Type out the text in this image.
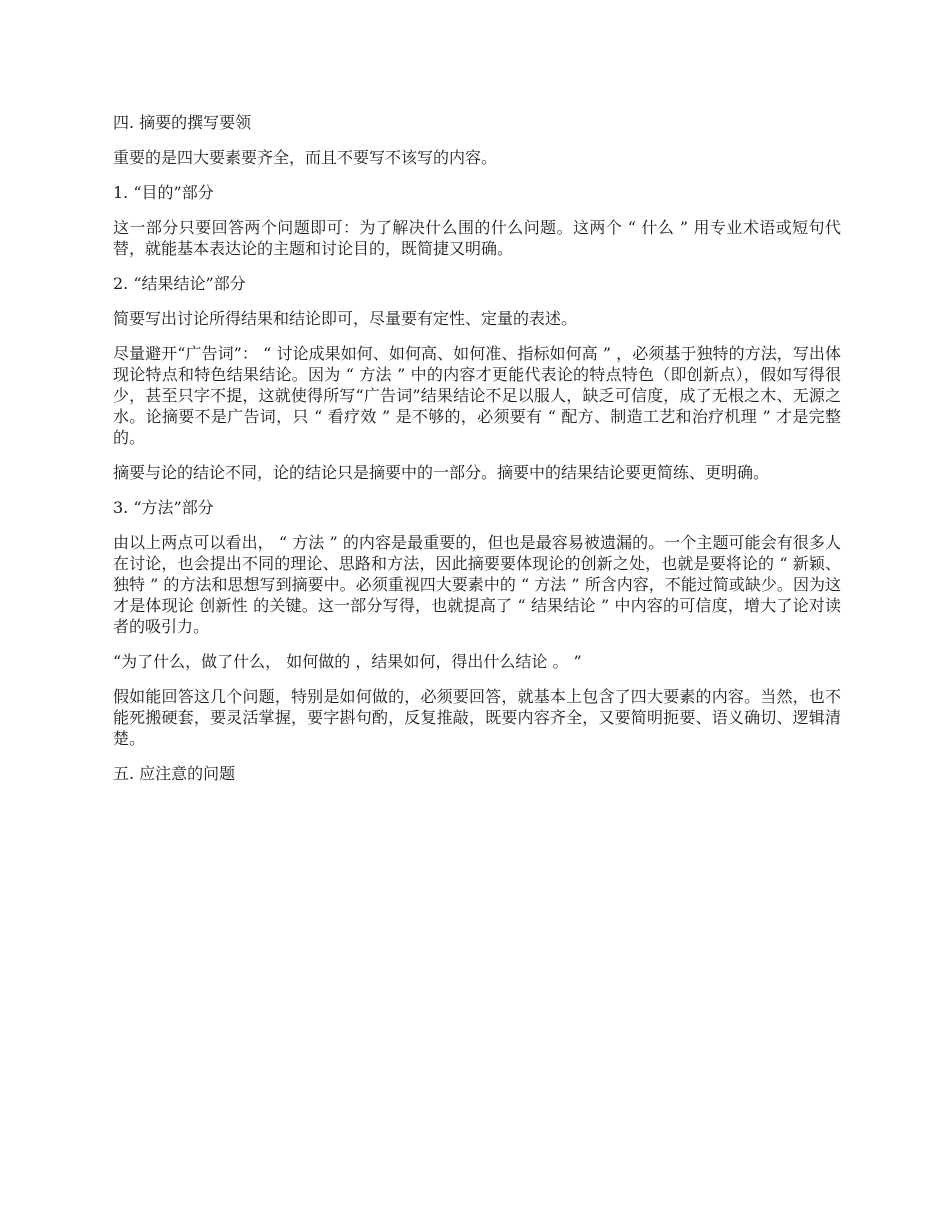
四. 摘要的撰写要领

重要的是四大要素要齐全，而且不要写不该写的内容。

1. “目的”部分

这一部分只要回答两个问题即可：为了解决什么围的什么问题。这两个 “ 什么 ” 用专业术语或短句代替，就能基本表达论的主题和讨论目的，既简捷又明确。

2. “结果结论”部分

简要写出讨论所得结果和结论即可，尽量要有定性、定量的表述。

尽量避开“广告词”： “ 讨论成果如何、如何高、如何准、指标如何高 ” ，必须基于独特的方法，写出体现论特点和特色结果结论。因为 “ 方法 ” 中的内容才更能代表论的特点特色（即创新点），假如写得很少，甚至只字不提，这就使得所写“广告词”结果结论不足以服人，缺乏可信度，成了无根之木、无源之水。论摘要不是广告词，只 “ 看疗效 ” 是不够的，必须要有 “ 配方、制造工艺和治疗机理 ” 才是完整的。

摘要与论的结论不同，论的结论只是摘要中的一部分。摘要中的结果结论要更简练、更明确。

3. “方法”部分

由以上两点可以看出， “ 方法 ” 的内容是最重要的，但也是最容易被遗漏的。一个主题可能会有很多人在讨论，也会提出不同的理论、思路和方法，因此摘要要体现论的创新之处，也就是要将论的 “ 新颖、独特 ” 的方法和思想写到摘要中。必须重视四大要素中的 “ 方法 ” 所含内容，不能过简或缺少。因为这才是体现论 创新性 的关键。这一部分写得，也就提高了 “ 结果结论 ” 中内容的可信度，增大了论对读者的吸引力。

“为了什么，做了什么， 如何做的 ，结果如何，得出什么结论 。 ”

假如能回答这几个问题，特别是如何做的，必须要回答，就基本上包含了四大要素的内容。当然，也不能死搬硬套，要灵活掌握，要字斟句酌，反复推敲，既要内容齐全，又要简明扼要、语义确切、逻辑清楚。

五. 应注意的问题
